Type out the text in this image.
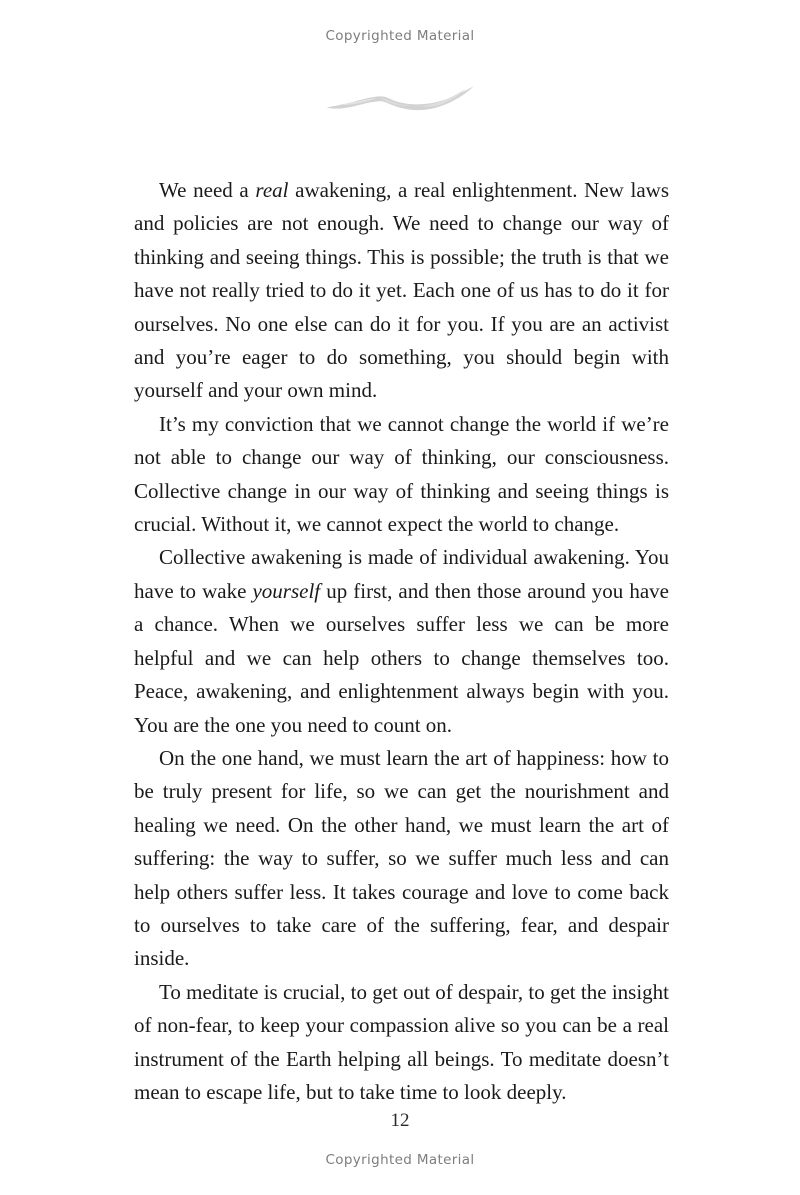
Copyrighted Material

We need a real awakening, a real enlightenment. New laws and policies are not enough. We need to change our way of thinking and seeing things. This is possible; the truth is that we have not really tried to do it yet. Each one of us has to do it for ourselves. No one else can do it for you. If you are an activist and you’re eager to do something, you should begin with yourself and your own mind.

It’s my conviction that we cannot change the world if we’re not able to change our way of thinking, our consciousness. Collective change in our way of thinking and seeing things is crucial. Without it, we cannot expect the world to change.

Collective awakening is made of individual awakening. You have to wake yourself up first, and then those around you have a chance. When we ourselves suffer less we can be more helpful and we can help others to change themselves too. Peace, awakening, and enlightenment always begin with you. You are the one you need to count on.

On the one hand, we must learn the art of happiness: how to be truly present for life, so we can get the nourishment and healing we need. On the other hand, we must learn the art of suffering: the way to suffer, so we suffer much less and can help others suffer less. It takes courage and love to come back to ourselves to take care of the suffering, fear, and despair inside.

To meditate is crucial, to get out of despair, to get the insight of non-fear, to keep your compassion alive so you can be a real instrument of the Earth helping all beings. To meditate doesn’t mean to escape life, but to take time to look deeply.

12
Copyrighted Material
